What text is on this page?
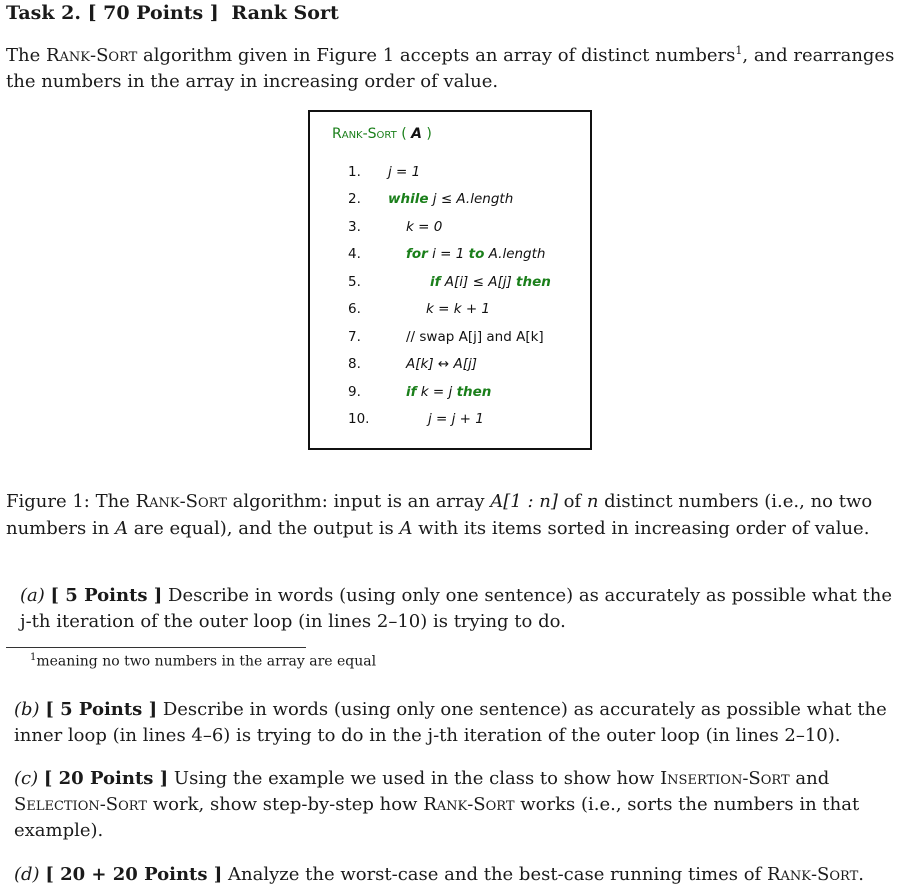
Task 2. [ 70 Points ] Rank Sort
The Rank-Sort algorithm given in Figure 1 accepts an array of distinct numbers$^1$, and rearranges the numbers in the array in increasing order of value.
Rank-Sort ( A )
1. j = 1
2. while j ≤ A.length
3.	k = 0
4.	for i = 1 to A.length
5.	if A[i] ≤ A[j] then
6.	k = k + 1
7.	// swap A[j] and A[k]
8.	A[k] ↔ A[j]
9.	if k = j then
10.	j = j + 1
Figure 1: The Rank-Sort algorithm: input is an array A[1 : n] of n distinct numbers (i.e., no two numbers in A are equal), and the output is A with its items sorted in increasing order of value.
(a) [ 5 Points ] Describe in words (using only one sentence) as accurately as possible what the j-th iteration of the outer loop (in lines 2–10) is trying to do.
$^1$meaning no two numbers in the array are equal
(b) [ 5 Points ] Describe in words (using only one sentence) as accurately as possible what the inner loop (in lines 4–6) is trying to do in the j-th iteration of the outer loop (in lines 2–10).
(c) [ 20 Points ] Using the example we used in the class to show how Insertion-Sort and Selection-Sort work, show step-by-step how Rank-Sort works (i.e., sorts the numbers in that example).
(d) [ 20 + 20 Points ] Analyze the worst-case and the best-case running times of Rank-Sort.
